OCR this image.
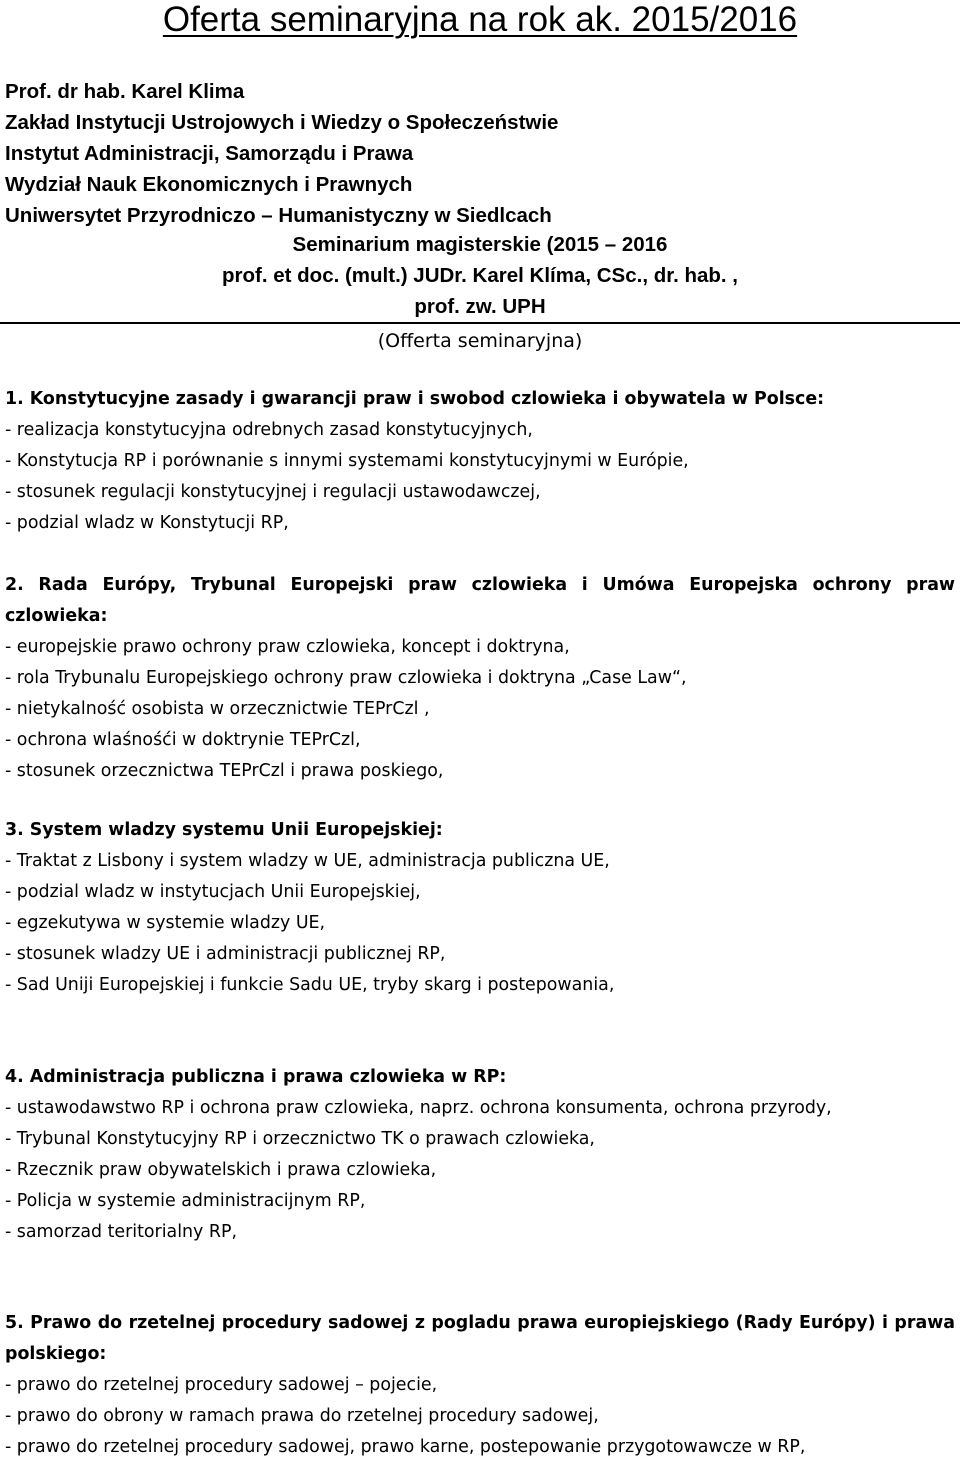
Oferta seminaryjna na rok ak. 2015/2016
Prof. dr hab. Karel Klima
Zakład Instytucji Ustrojowych i Wiedzy o Społeczeństwie
Instytut Administracji, Samorządu i Prawa
Wydział Nauk Ekonomicznych i Prawnych
Uniwersytet Przyrodniczo – Humanistyczny w Siedlcach
Seminarium magisterskie (2015 – 2016
prof. et doc. (mult.) JUDr. Karel Klíma, CSc., dr. hab. ,
prof. zw. UPH
(Offerta seminaryjna)
1. Konstytucyjne zasady i gwarancji praw i swobod czlowieka i obywatela w Polsce:
- realizacja konstytucyjna odrebnych zasad konstytucyjnych,
- Konstytucja RP i porównanie s innymi systemami konstytucyjnymi w Európie,
- stosunek regulacji konstytucyjnej i regulacji ustawodawczej,
- podzial wladz w Konstytucji RP,
2. Rada Európy, Trybunal Europejski praw czlowieka i Umówa Europejska ochrony praw czlowieka:
- europejskie prawo ochrony praw czlowieka, koncept i doktryna,
- rola Trybunalu Europejskiego ochrony praw czlowieka i doktryna „Case Law“,
- nietykalność osobista w orzecznictwie TEPrCzl ,
- ochrona wlaśnośći w doktrynie TEPrCzl,
- stosunek orzecznictwa TEPrCzl i prawa poskiego,
3. System wladzy systemu Unii Europejskiej:
- Traktat z Lisbony i system wladzy w UE, administracja publiczna UE,
- podzial wladz w instytucjach Unii Europejskiej,
- egzekutywa w systemie wladzy UE,
- stosunek wladzy UE i administracji publicznej RP,
- Sad Uniji Europejskiej i funkcie Sadu UE, tryby skarg i postepowania,
4. Administracja publiczna i prawa czlowieka w RP:
- ustawodawstwo RP i ochrona praw czlowieka, naprz. ochrona konsumenta, ochrona przyrody,
- Trybunal Konstytucyjny RP i orzecznictwo TK o prawach czlowieka,
- Rzecznik praw obywatelskich i prawa czlowieka,
- Policja w systemie administracijnym RP,
- samorzad teritorialny RP,
5. Prawo do rzetelnej procedury sadowej z pogladu prawa europiejskiego (Rady Európy) i prawa polskiego:
- prawo do rzetelnej procedury sadowej – pojecie,
- prawo do obrony w ramach prawa do rzetelnej procedury sadowej,
- prawo do rzetelnej procedury sadowej, prawo karne, postepowanie przygotowawcze w RP,
